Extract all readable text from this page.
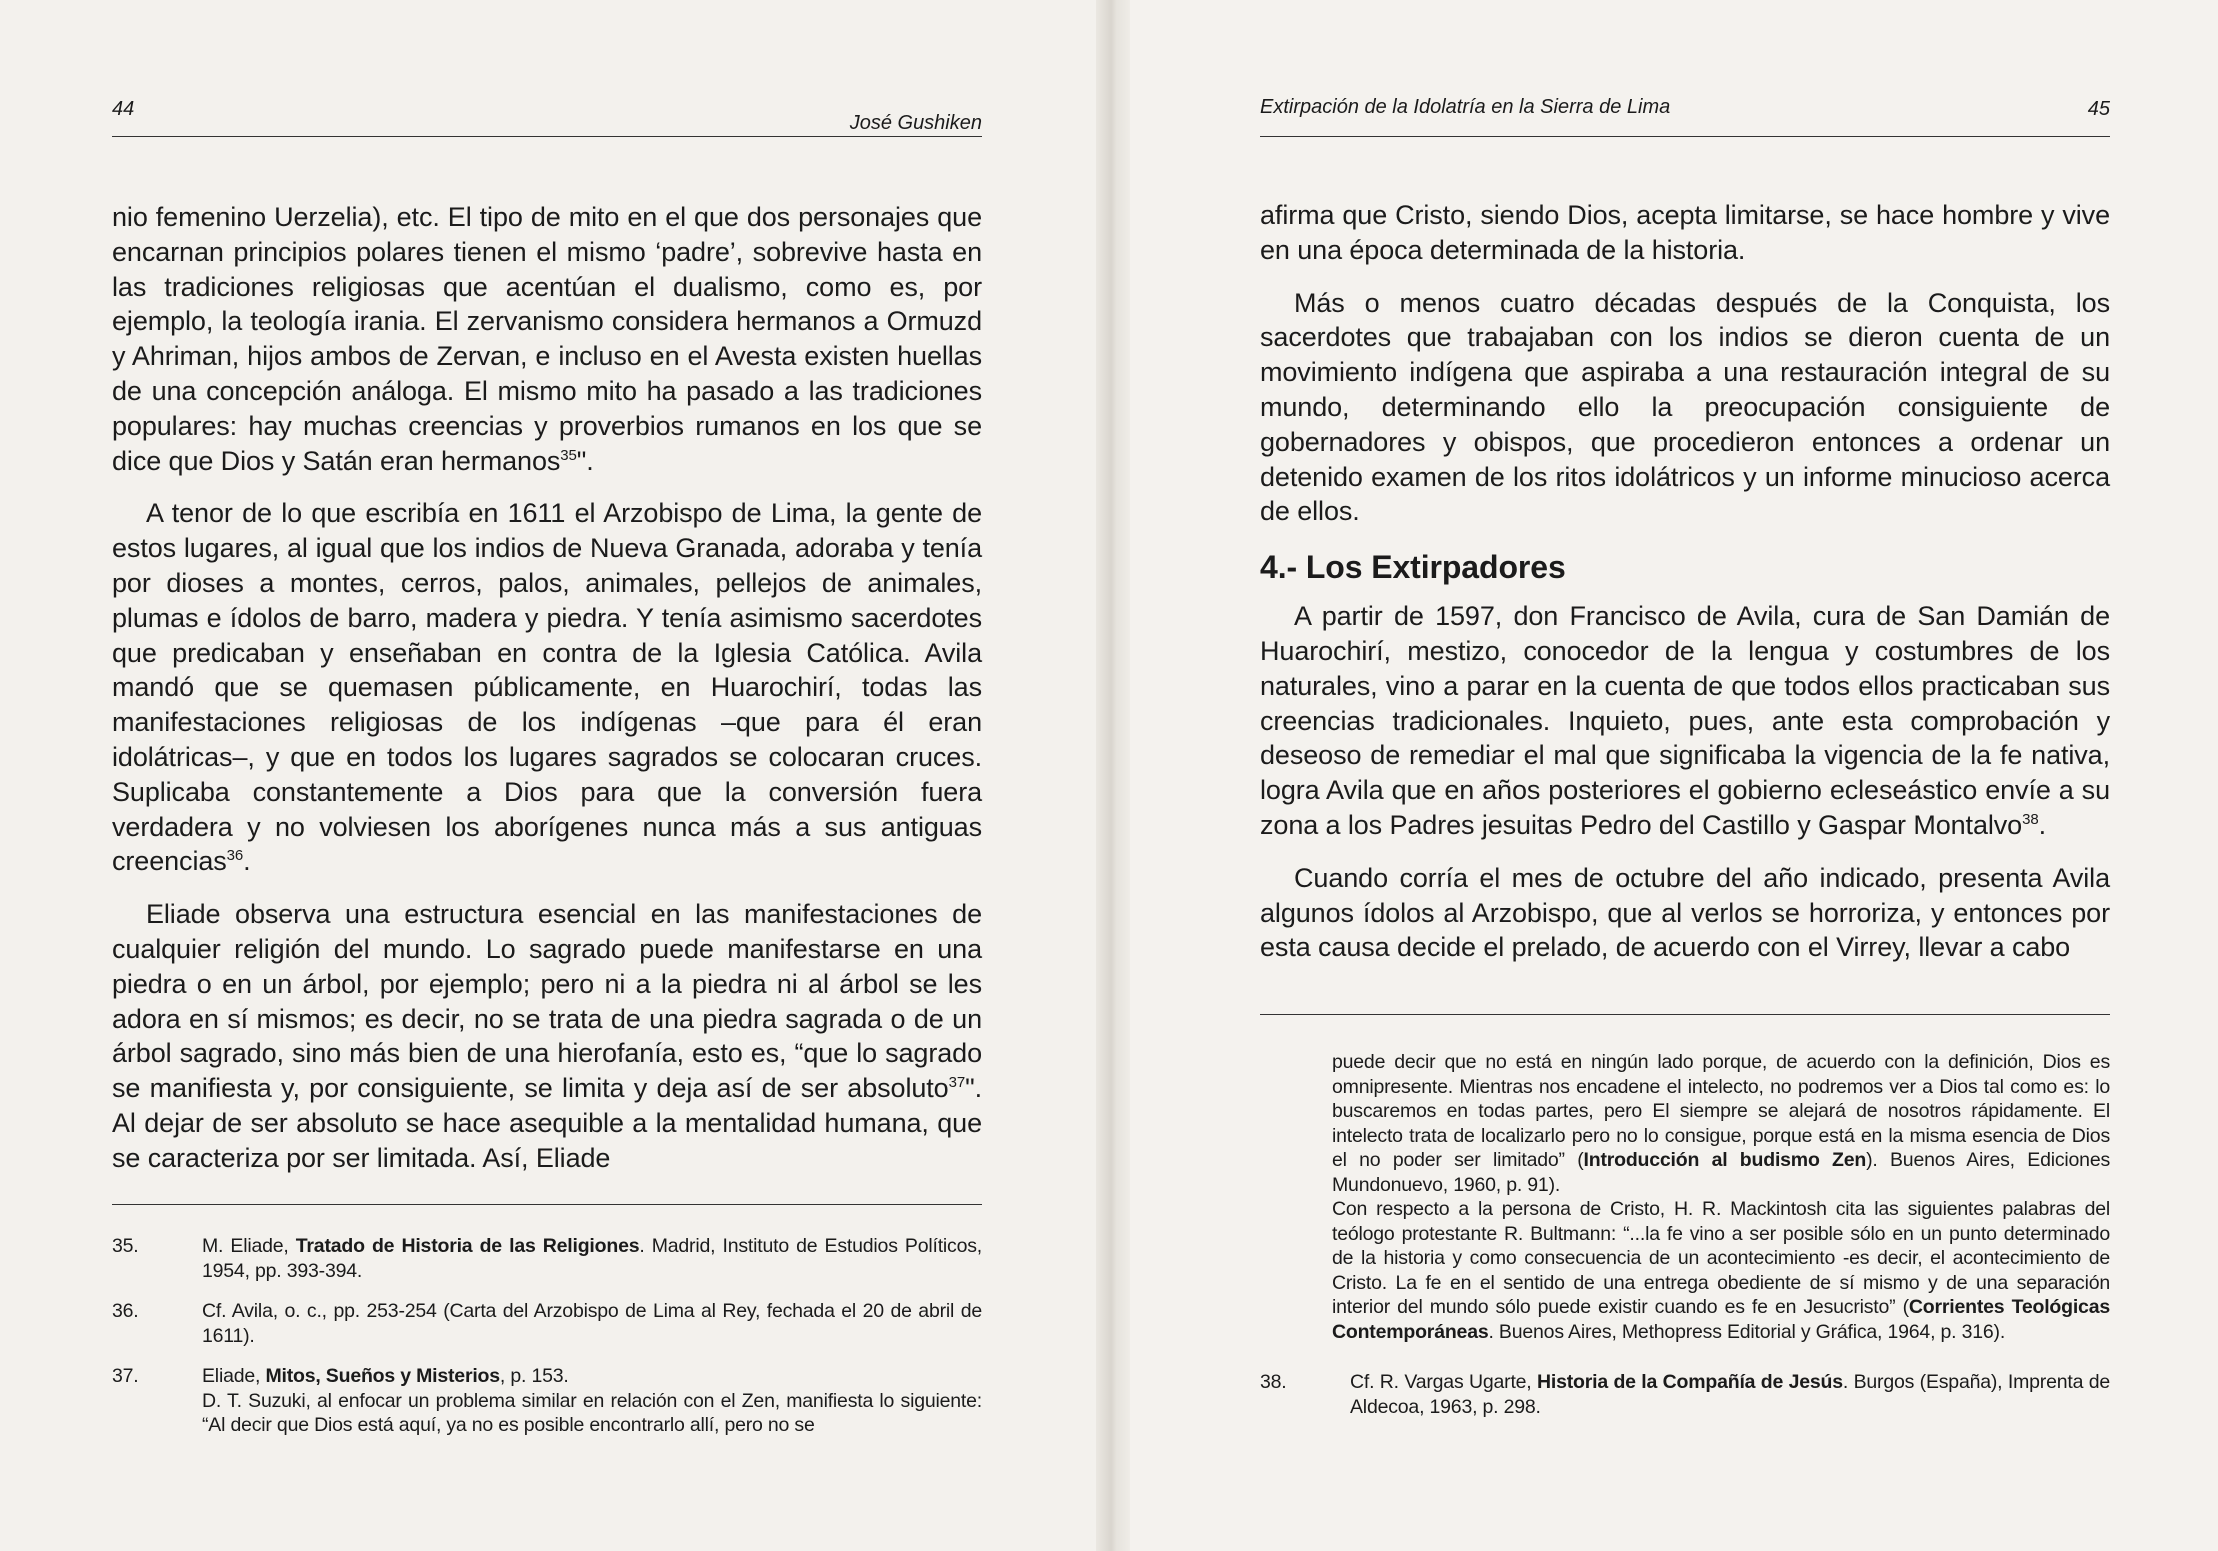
44
José Gushiken

nio femenino Uerzelia), etc. El tipo de mito en el que dos personajes que encarnan principios polares tienen el mismo ‘padre’, sobrevive hasta en las tradiciones religiosas que acentúan el dualismo, como es, por ejemplo, la teología irania. El zervanismo considera hermanos a Ormuzd y Ahriman, hijos ambos de Zervan, e incluso en el Avesta existen huellas de una concepción análoga. El mismo mito ha pasado a las tradiciones populares: hay muchas creencias y proverbios rumanos en los que se dice que Dios y Satán eran hermanos$^{35}$".

A tenor de lo que escribía en 1611 el Arzobispo de Lima, la gente de estos lugares, al igual que los indios de Nueva Granada, adoraba y tenía por dioses a montes, cerros, palos, animales, pellejos de animales, plumas e ídolos de barro, madera y piedra. Y tenía asimismo sacerdotes que predicaban y enseñaban en contra de la Iglesia Católica. Avila mandó que se quemasen públicamente, en Huarochirí, todas las manifestaciones religiosas de los indígenas –que para él eran idolátricas–, y que en todos los lugares sagrados se colocaran cruces. Suplicaba constantemente a Dios para que la conversión fuera verdadera y no volviesen los aborígenes nunca más a sus antiguas creencias$^{36}$.

Eliade observa una estructura esencial en las manifestaciones de cualquier religión del mundo. Lo sagrado puede manifestarse en una piedra o en un árbol, por ejemplo; pero ni a la piedra ni al árbol se les adora en sí mismos; es decir, no se trata de una piedra sagrada o de un árbol sagrado, sino más bien de una hierofanía, esto es, “que lo sagrado se manifiesta y, por consiguiente, se limita y deja así de ser absoluto$^{37}$". Al dejar de ser absoluto se hace asequible a la mentalidad humana, que se caracteriza por ser limitada. Así, Eliade

35.	M. Eliade, Tratado de Historia de las Religiones. Madrid, Instituto de Estudios Políticos, 1954, pp. 393-394.
36.	Cf. Avila, o. c., pp. 253-254 (Carta del Arzobispo de Lima al Rey, fechada el 20 de abril de 1611).
37.	Eliade, Mitos, Sueños y Misterios, p. 153.
D. T. Suzuki, al enfocar un problema similar en relación con el Zen, manifiesta lo siguiente: “Al decir que Dios está aquí, ya no es posible encontrarlo allí, pero no se
Extirpación de la Idolatría en la Sierra de Lima	45

afirma que Cristo, siendo Dios, acepta limitarse, se hace hombre y vive en una época determinada de la historia.

Más o menos cuatro décadas después de la Conquista, los sacerdotes que trabajaban con los indios se dieron cuenta de un movimiento indígena que aspiraba a una restauración integral de su mundo, determinando ello la preocupación consiguiente de gobernadores y obispos, que procedieron entonces a ordenar un detenido examen de los ritos idolátricos y un informe minucioso acerca de ellos.

4.- Los Extirpadores

A partir de 1597, don Francisco de Avila, cura de San Damián de Huarochirí, mestizo, conocedor de la lengua y costumbres de los naturales, vino a parar en la cuenta de que todos ellos practicaban sus creencias tradicionales. Inquieto, pues, ante esta comprobación y deseoso de remediar el mal que significaba la vigencia de la fe nativa, logra Avila que en años posteriores el gobierno ecleseástico envíe a su zona a los Padres jesuitas Pedro del Castillo y Gaspar Montalvo$^{38}$.

Cuando corría el mes de octubre del año indicado, presenta Avila algunos ídolos al Arzobispo, que al verlos se horroriza, y entonces por esta causa decide el prelado, de acuerdo con el Virrey, llevar a cabo

puede decir que no está en ningún lado porque, de acuerdo con la definición, Dios es omnipresente. Mientras nos encadene el intelecto, no podremos ver a Dios tal como es: lo buscaremos en todas partes, pero El siempre se alejará de nosotros rápidamente. El intelecto trata de localizarlo pero no lo consigue, porque está en la misma esencia de Dios el no poder ser limitado” (Introducción al budismo Zen). Buenos Aires, Ediciones Mundonuevo, 1960, p. 91).
Con respecto a la persona de Cristo, H. R. Mackintosh cita las siguientes palabras del teólogo protestante R. Bultmann: “...la fe vino a ser posible sólo en un punto determinado de la historia y como consecuencia de un acontecimiento -es decir, el acontecimiento de Cristo. La fe en el sentido de una entrega obediente de sí mismo y de una separación interior del mundo sólo puede existir cuando es fe en Jesucristo” (Corrientes Teológicas Contemporáneas. Buenos Aires, Methopress Editorial y Gráfica, 1964, p. 316).
38.	Cf. R. Vargas Ugarte, Historia de la Compañía de Jesús. Burgos (España), Imprenta de Aldecoa, 1963, p. 298.
